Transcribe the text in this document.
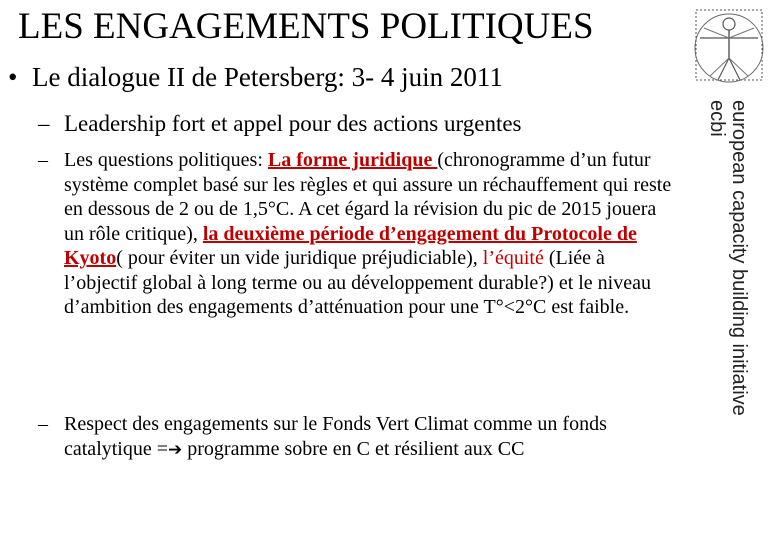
LES ENGAGEMENTS POLITIQUES
• Le dialogue II de Petersberg: 3- 4 juin 2011
– Leadership fort et appel pour des actions urgentes
– Les questions politiques: La forme juridique (chronogramme d’un futur système complet basé sur les règles et qui assure un réchauffement qui reste en dessous de 2 ou de 1,5°C. A cet égard la révision du pic de 2015 jouera un rôle critique), la deuxième période d’engagement du Protocole de Kyoto( pour éviter un vide juridique préjudiciable), l’équité (Liée à l’objectif global à long terme ou au développement durable?) et le niveau d’ambition des engagements d’atténuation pour une T°<2°C est faible.
– Respect des engagements sur le Fonds Vert Climat comme un fonds catalytique =➔ programme sobre en C et résilient aux CC
european capacity building initiative
ecbi
